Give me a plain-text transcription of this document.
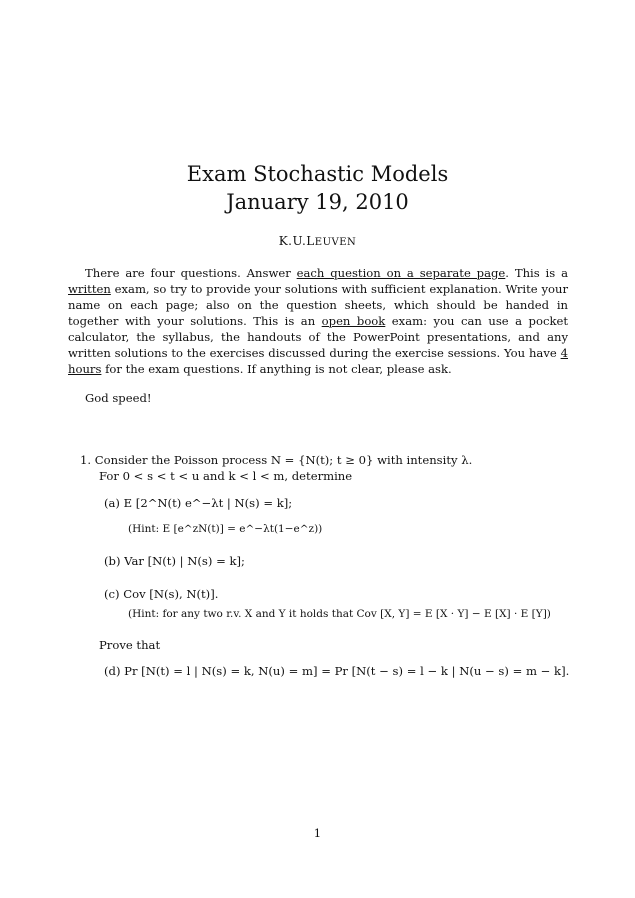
Exam Stochastic Models
January 19, 2010
K.U.LEUVEN

There are four questions. Answer each question on a separate page. This is a written exam, so try to provide your solutions with sufficient explanation. Write your name on each page; also on the question sheets, which should be handed in together with your solutions. This is an open book exam: you can use a pocket calculator, the syllabus, the handouts of the PowerPoint presentations, and any written solutions to the exercises discussed during the exercise sessions. You have 4 hours for the exam questions. If anything is not clear, please ask.

God speed!
1. Consider the Poisson process N = {N(t); t ≥ 0} with intensity λ.
For 0 < s < t < u and k < l < m, determine
(a) E [2^N(t) e^−λt | N(s) = k];
(Hint: E [e^zN(t)] = e^−λt(1−e^z))
(b) Var [N(t) | N(s) = k];
(c) Cov [N(s), N(t)].
(Hint: for any two r.v. X and Y it holds that Cov [X, Y] = E [X · Y] − E [X] · E [Y])
Prove that
(d) Pr [N(t) = l | N(s) = k, N(u) = m] = Pr [N(t − s) = l − k | N(u − s) = m − k].
1
